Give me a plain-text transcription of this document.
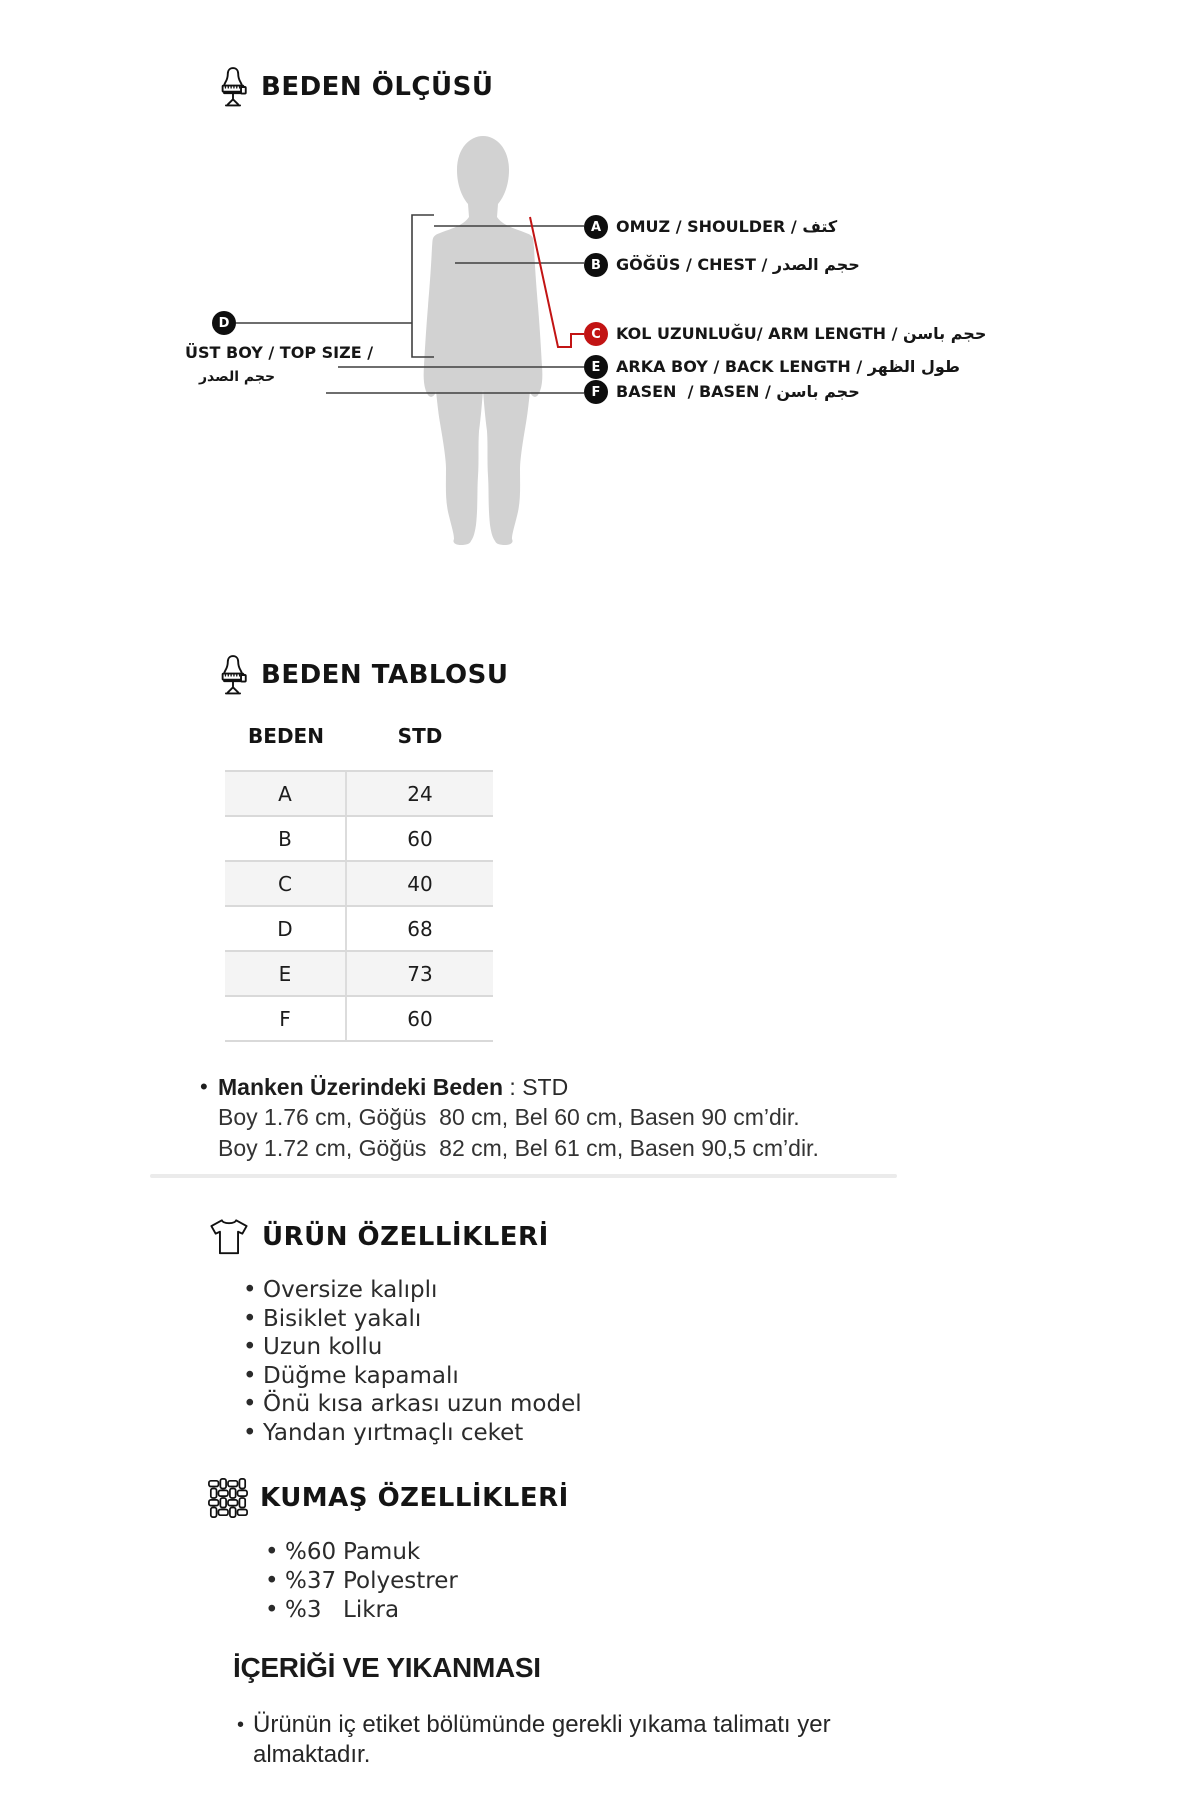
BEDEN ÖLÇÜSÜ
A
B
C
E
F
D
OMUZ / SHOULDER / كتف
GÖĞÜS / CHEST / حجم الصدر
KOL UZUNLUĞU/ ARM LENGTH / حجم باسن
ARKA BOY / BACK LENGTH / طول الظهر
BASEN  / BASEN / حجم باسن
ÜST BOY / TOP SIZE /
حجم الصدر
BEDEN TABLOSU
BEDEN	STD
A	24
B	60
C	40
D	68
E	73
F	60
• Manken Üzerindeki Beden : STD
Boy 1.76 cm, Göğüs  80 cm, Bel 60 cm, Basen 90 cm’dir.
Boy 1.72 cm, Göğüs  82 cm, Bel 61 cm, Basen 90,5 cm’dir.
ÜRÜN ÖZELLİKLERİ
• Oversize kalıplı
• Bisiklet yakalı
• Uzun kollu
• Düğme kapamalı
• Önü kısa arkası uzun model
• Yandan yırtmaçlı ceket
KUMAŞ ÖZELLİKLERİ
• %60 Pamuk
• %37 Polyestrer
• %3 Likra
İÇERİĞİ VE YIKANMASI
• Ürünün iç etiket bölümünde gerekli yıkama talimatı yer almaktadır.
